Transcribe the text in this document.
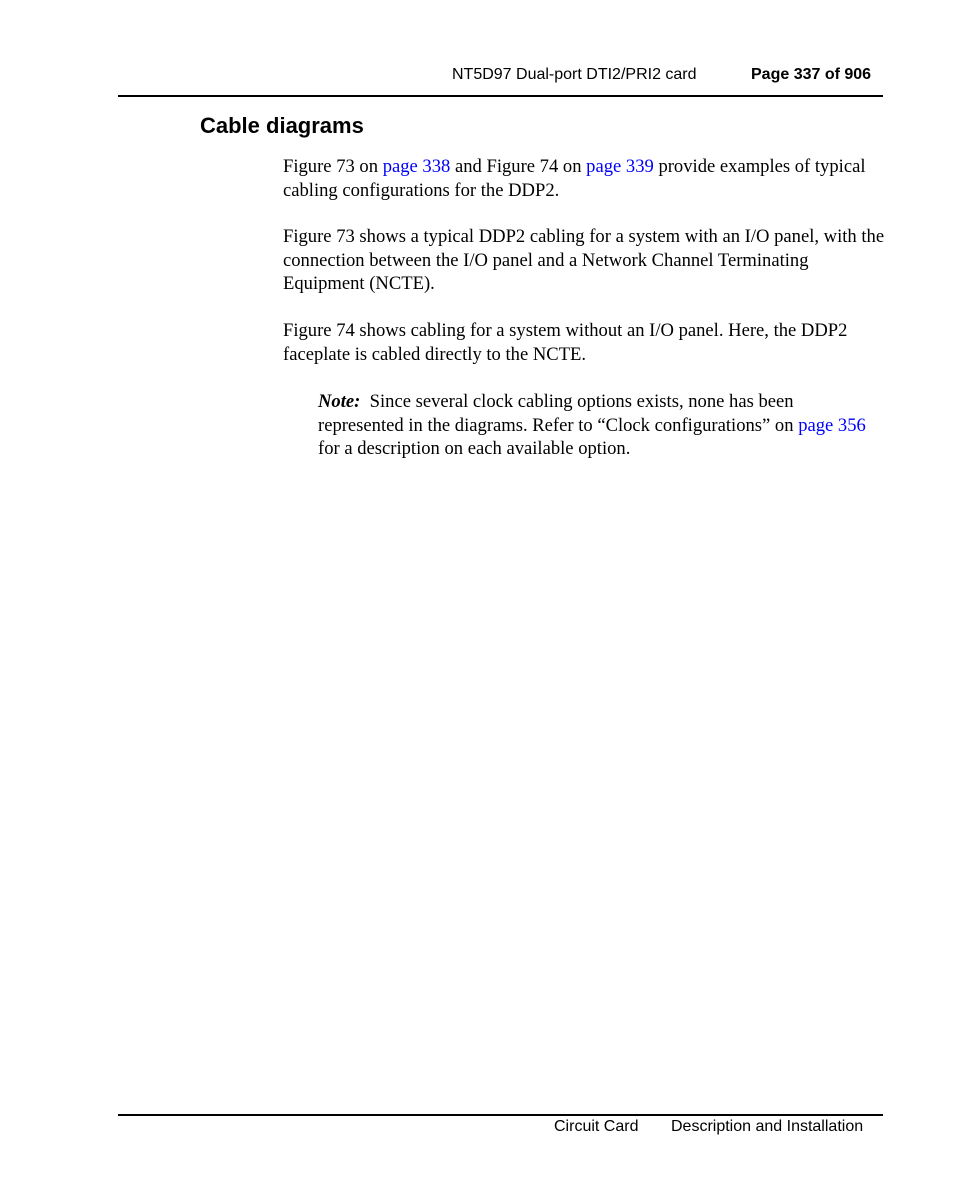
NT5D97 Dual-port DTI2/PRI2 card	Page 337 of 906
Cable diagrams

Figure 73 on page 338 and Figure 74 on page 339 provide examples of typical cabling configurations for the DDP2.

Figure 73 shows a typical DDP2 cabling for a system with an I/O panel, with the connection between the I/O panel and a Network Channel Terminating Equipment (NCTE).

Figure 74 shows cabling for a system without an I/O panel. Here, the DDP2 faceplate is cabled directly to the NCTE.

Note:  Since several clock cabling options exists, none has been represented in the diagrams. Refer to “Clock configurations” on page 356 for a description on each available option.

Circuit Card Description and Installation
